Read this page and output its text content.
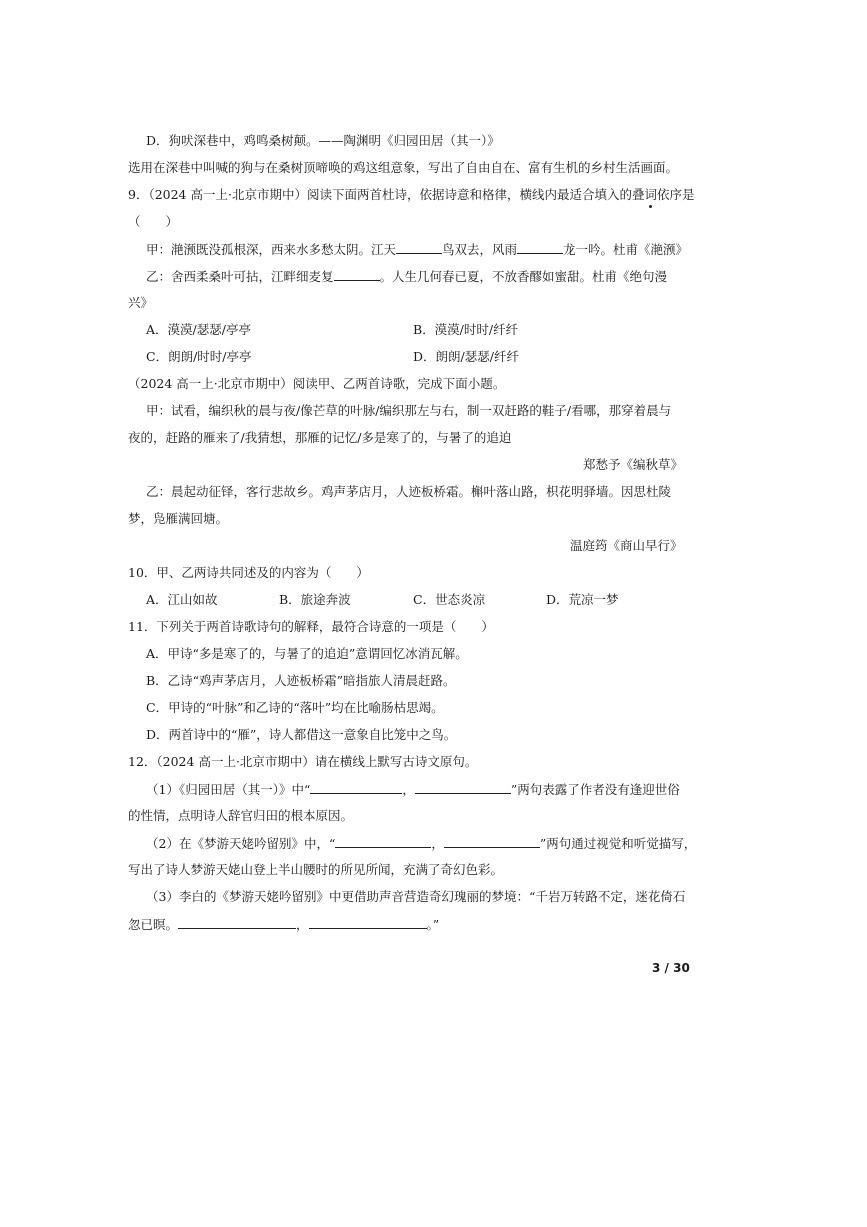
D．狗吠深巷中，鸡鸣桑树颠。——陶渊明《归园田居（其一）》
选用在深巷中叫喊的狗与在桑树顶啼唤的鸡这组意象，写出了自由自在、富有生机的乡村生活画面。
9．（2024 高一上·北京市期中）阅读下面两首杜诗，依据诗意和格律，横线内最适合填入的叠词
依序是
（　　）
甲：滟滪既没孤根深，西来水多愁太阴。江天	鸟双去，风雨	龙一吟。杜甫《滟滪》
乙：舍西柔桑叶可拈，江畔细麦复	。人生几何春已夏，不放香醪如蜜甜。杜甫《绝句漫
兴》
A．漠漠/瑟瑟/亭亭	B．漠漠/时时/纤纤
C．朗朗/时时/亭亭	D．朗朗/瑟瑟/纤纤
（2024 高一上·北京市期中）阅读甲、乙两首诗歌，完成下面小题。
甲：试看，编织秋的晨与夜/像芒草的叶脉/编织那左与右，制一双赶路的鞋子/看哪，那穿着晨与
夜的，赶路的雁来了/我猜想，那雁的记忆/多是寒了的，与暑了的追迫
郑愁予《编秋草》
乙：晨起动征铎，客行悲故乡。鸡声茅店月，人迹板桥霜。槲叶落山路，枳花明驿墙。因思杜陵
梦，凫雁满回塘。
温庭筠《商山早行》
10．甲、乙两诗共同述及的内容为（　　）
A．江山如故	B．旅途奔波	C．世态炎凉	D．荒凉一梦
11．下列关于两首诗歌诗句的解释，最符合诗意的一项是（　　）
A．甲诗“多是寒了的，与暑了的追迫”意谓回忆冰消瓦解。
B．乙诗“鸡声茅店月，人迹板桥霜”暗指旅人清晨赶路。
C．甲诗的“叶脉”和乙诗的“落叶”均在比喻肠枯思竭。
D．两首诗中的“雁”，诗人都借这一意象自比笼中之鸟。
12．（2024 高一上·北京市期中）请在横线上默写古诗文原句。
（1）《归园田居（其一）》中“	，	”两句表露了作者没有逢迎世俗
的性情，点明诗人辞官归田的根本原因。
（2）在《梦游天姥吟留别》中，“	，	”两句通过视觉和听觉描写，
写出了诗人梦游天姥山登上半山腰时的所见所闻，充满了奇幻色彩。
（3）李白的《梦游天姥吟留别》中更借助声音营造奇幻瑰丽的梦境：“千岩万转路不定，迷花倚石
忽已暝。	，	。”
3 / 30
